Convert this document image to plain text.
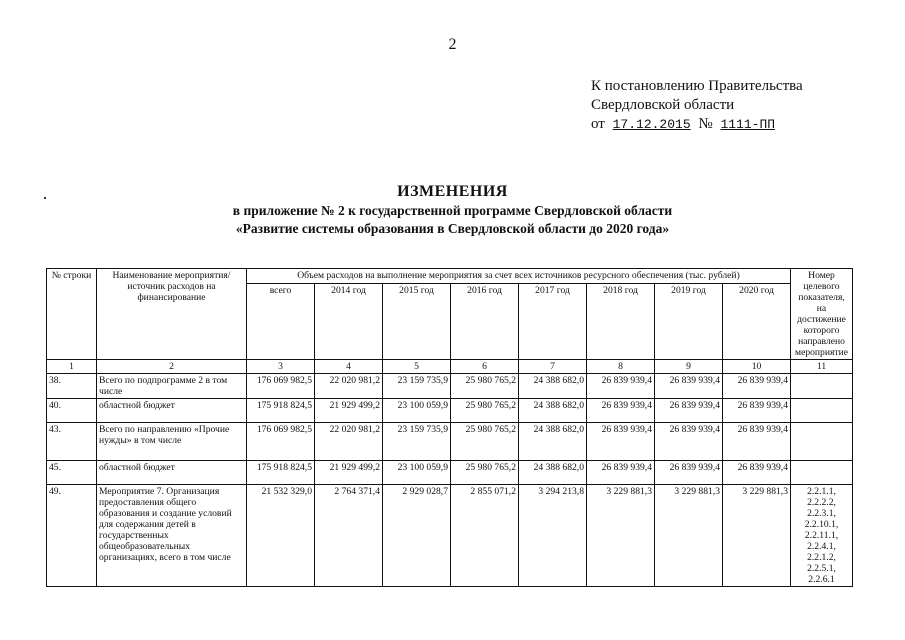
2
К постановлению Правительства
Свердловской области
от 17.12.2015 № 1111-ПП
ИЗМЕНЕНИЯ
в приложение № 2 к государственной программе Свердловской области
«Развитие системы образования в Свердловской области до 2020 года»
№ строки	Наименование мероприятия/ источник расходов на финансирование	Объем расходов на выполнение мероприятия за счет всех источников ресурсного обеспечения (тыс. рублей)								Номер целевого показателя, на достижение которого направлено мероприятие
		всего	2014 год	2015 год	2016 год	2017 год	2018 год	2019 год	2020 год	
1	2	3	4	5	6	7	8	9	10	11
38.	Всего по подпрограмме 2 в том числе	176 069 982,5	22 020 981,2	23 159 735,9	25 980 765,2	24 388 682,0	26 839 939,4	26 839 939,4	26 839 939,4	
40.	областной бюджет	175 918 824,5	21 929 499,2	23 100 059,9	25 980 765,2	24 388 682,0	26 839 939,4	26 839 939,4	26 839 939,4	
43.	Всего по направлению «Прочие нужды» в том числе	176 069 982,5	22 020 981,2	23 159 735,9	25 980 765,2	24 388 682,0	26 839 939,4	26 839 939,4	26 839 939,4	
45.	областной бюджет	175 918 824,5	21 929 499,2	23 100 059,9	25 980 765,2	24 388 682,0	26 839 939,4	26 839 939,4	26 839 939,4	
49.	Мероприятие 7. Организация предоставления общего образования и создание условий для содержания детей в государственных общеобразовательных организациях, всего в том числе	21 532 329,0	2 764 371,4	2 929 028,7	2 855 071,2	3 294 213,8	3 229 881,3	3 229 881,3	3 229 881,3	2.2.1.1, 2.2.2.2, 2.2.3.1, 2.2.10.1, 2.2.11.1, 2.2.4.1, 2.2.1.2, 2.2.5.1, 2.2.6.1
